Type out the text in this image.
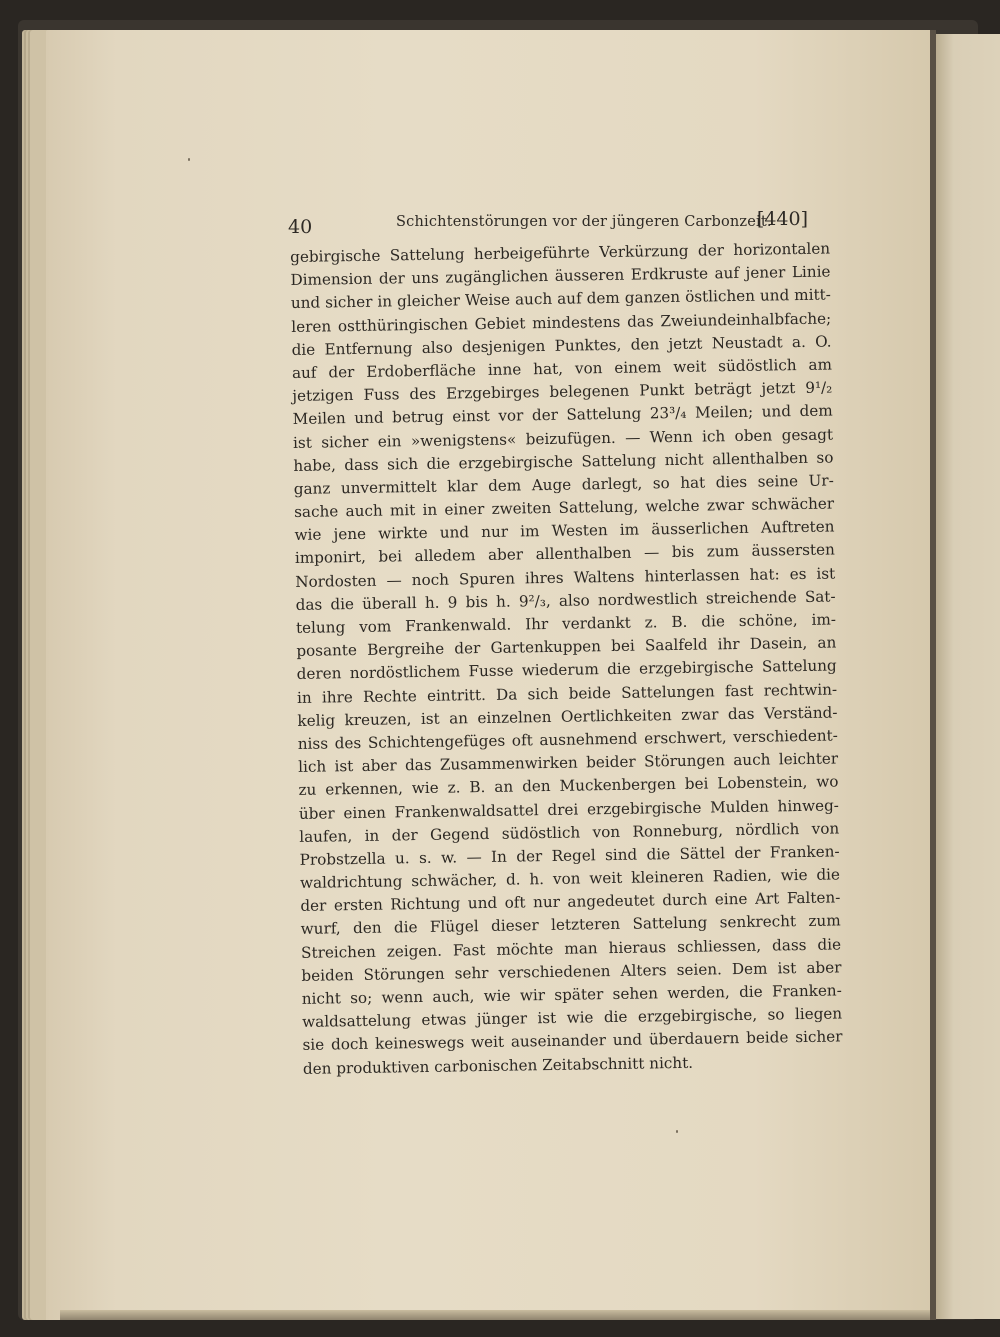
40	Schichtenstörungen vor der jüngeren Carbonzeit.
[440]
gebirgische Sattelung herbeigeführte Verkürzung der horizontalen
Dimension der uns zugänglichen äusseren Erdkruste auf jener Linie
und sicher in gleicher Weise auch auf dem ganzen östlichen und mitt-
leren ostthüringischen Gebiet mindestens das Zweiundeinhalbfache;
die Entfernung also desjenigen Punktes, den jetzt Neustadt a. O.
auf der Erdoberfläche inne hat, von einem weit südöstlich am
jetzigen Fuss des Erzgebirges belegenen Punkt beträgt jetzt 9¹/₂
Meilen und betrug einst vor der Sattelung 23³/₄ Meilen; und dem
ist sicher ein »wenigstens« beizufügen. — Wenn ich oben gesagt
habe, dass sich die erzgebirgische Sattelung nicht allenthalben so
ganz unvermittelt klar dem Auge darlegt, so hat dies seine Ur-
sache auch mit in einer zweiten Sattelung, welche zwar schwächer
wie jene wirkte und nur im Westen im äusserlichen Auftreten
imponirt, bei alledem aber allenthalben — bis zum äussersten
Nordosten — noch Spuren ihres Waltens hinterlassen hat: es ist
das die überall h. 9 bis h. 9²/₃, also nordwestlich streichende Sat-
telung vom Frankenwald. Ihr verdankt z. B. die schöne, im-
posante Bergreihe der Gartenkuppen bei Saalfeld ihr Dasein, an
deren nordöstlichem Fusse wiederum die erzgebirgische Sattelung
in ihre Rechte eintritt. Da sich beide Sattelungen fast rechtwin-
kelig kreuzen, ist an einzelnen Oertlichkeiten zwar das Verständ-
niss des Schichtengefüges oft ausnehmend erschwert, verschiedent-
lich ist aber das Zusammenwirken beider Störungen auch leichter
zu erkennen, wie z. B. an den Muckenbergen bei Lobenstein, wo
über einen Frankenwaldsattel drei erzgebirgische Mulden hinweg-
laufen, in der Gegend südöstlich von Ronneburg, nördlich von
Probstzella u. s. w. — In der Regel sind die Sättel der Franken-
waldrichtung schwächer, d. h. von weit kleineren Radien, wie die
der ersten Richtung und oft nur angedeutet durch eine Art Falten-
wurf, den die Flügel dieser letzteren Sattelung senkrecht zum
Streichen zeigen. Fast möchte man hieraus schliessen, dass die
beiden Störungen sehr verschiedenen Alters seien. Dem ist aber
nicht so; wenn auch, wie wir später sehen werden, die Franken-
waldsattelung etwas jünger ist wie die erzgebirgische, so liegen
sie doch keineswegs weit auseinander und überdauern beide sicher
den produktiven carbonischen Zeitabschnitt nicht.
